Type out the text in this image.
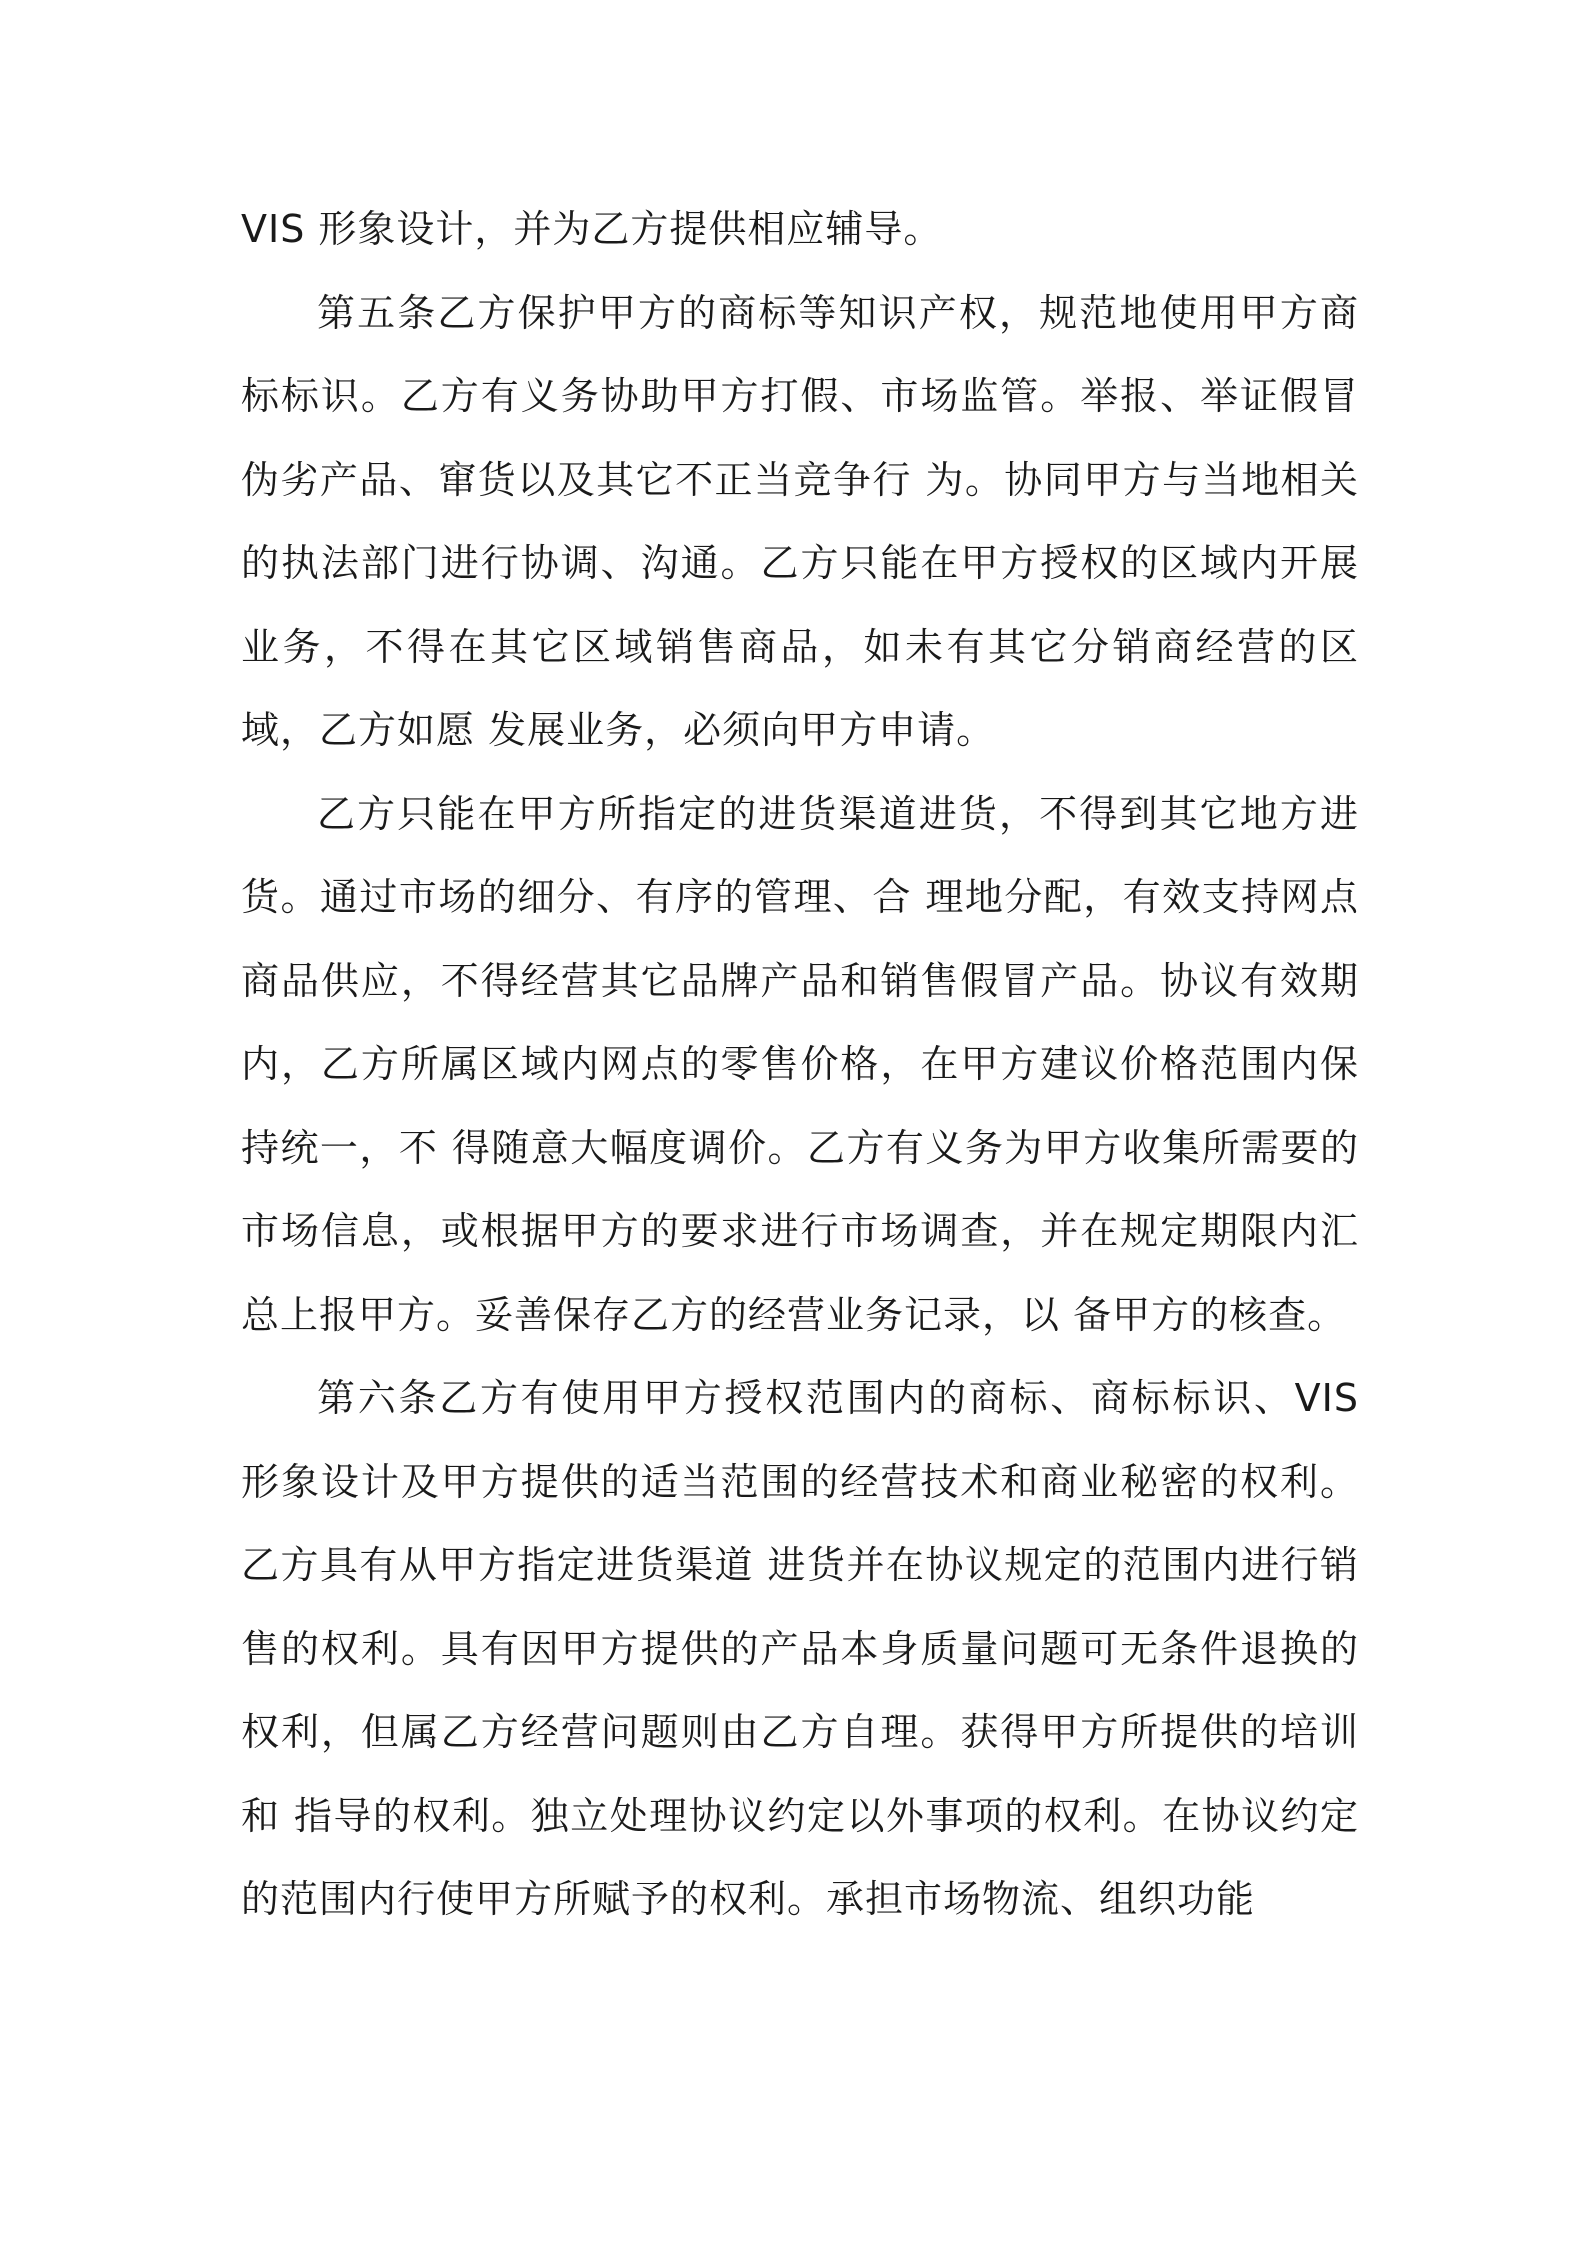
VIS 形象设计，并为乙方提供相应辅导。

第五条乙方保护甲方的商标等知识产权，规范地使用甲方商标标识。乙方有义务协助甲方打假、市场监管。举报、举证假冒伪劣产品、窜货以及其它不正当竞争行 为。协同甲方与当地相关的执法部门进行协调、沟通。乙方只能在甲方授权的区域内开展业务，不得在其它区域销售商品，如未有其它分销商经营的区域，乙方如愿 发展业务，必须向甲方申请。

乙方只能在甲方所指定的进货渠道进货，不得到其它地方进货。通过市场的细分、有序的管理、合 理地分配，有效支持网点商品供应，不得经营其它品牌产品和销售假冒产品。协议有效期内，乙方所属区域内网点的零售价格，在甲方建议价格范围内保持统一，不 得随意大幅度调价。乙方有义务为甲方收集所需要的市场信息，或根据甲方的要求进行市场调查，并在规定期限内汇总上报甲方。妥善保存乙方的经营业务记录，以 备甲方的核查。

第六条乙方有使用甲方授权范围内的商标、商标标识、VIS 形象设计及甲方提供的适当范围的经营技术和商业秘密的权利。乙方具有从甲方指定进货渠道 进货并在协议规定的范围内进行销售的权利。具有因甲方提供的产品本身质量问题可无条件退换的权利，但属乙方经营问题则由乙方自理。获得甲方所提供的培训和 指导的权利。独立处理协议约定以外事项的权利。在协议约定的范围内行使甲方所赋予的权利。承担市场物流、组织功能
